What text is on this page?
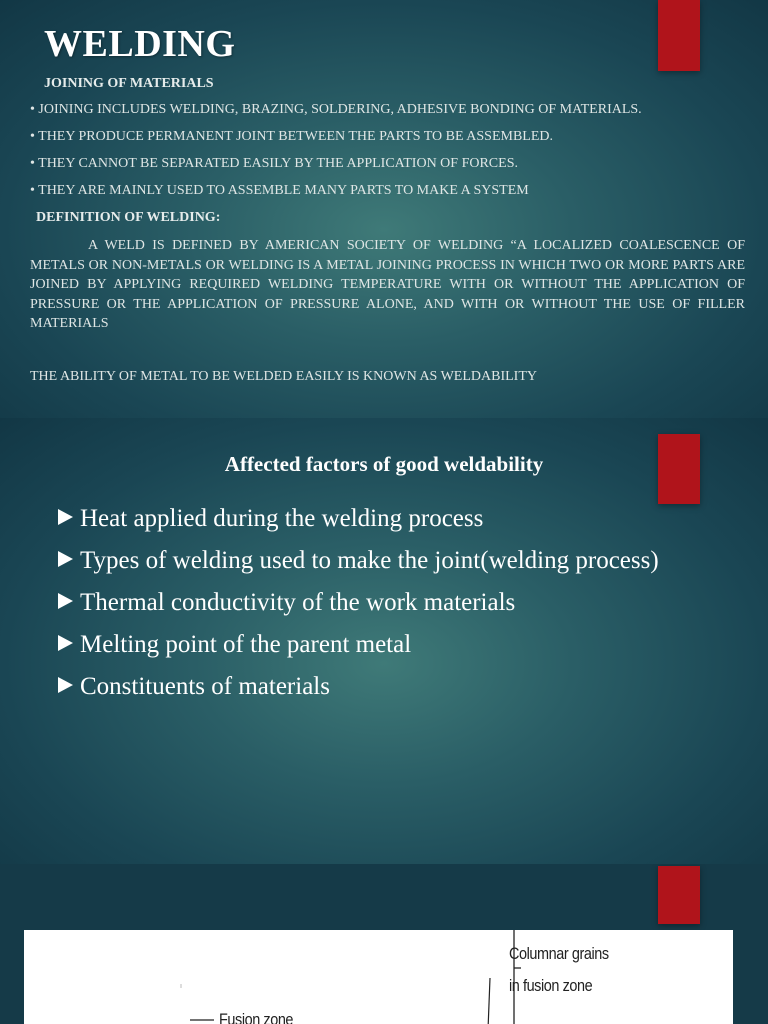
WELDING
JOINING OF MATERIALS
• JOINING INCLUDES WELDING, BRAZING, SOLDERING, ADHESIVE BONDING OF MATERIALS.
• THEY PRODUCE PERMANENT JOINT BETWEEN THE PARTS TO BE ASSEMBLED.
• THEY CANNOT BE SEPARATED EASILY BY THE APPLICATION OF FORCES.
• THEY ARE MAINLY USED TO ASSEMBLE MANY PARTS TO MAKE A SYSTEM
DEFINITION OF WELDING:

A WELD IS DEFINED BY AMERICAN SOCIETY OF WELDING “A LOCALIZED COALESCENCE OF METALS OR NON-METALS OR WELDING IS A METAL JOINING PROCESS IN WHICH TWO OR MORE PARTS ARE JOINED BY APPLYING REQUIRED WELDING TEMPERATURE WITH OR WITHOUT THE APPLICATION OF PRESSURE OR THE APPLICATION OF PRESSURE ALONE, AND WITH OR WITHOUT THE USE OF FILLER MATERIALS

THE ABILITY OF METAL TO BE WELDED EASILY IS KNOWN AS WELDABILITY
Affected factors of good weldability
Heat applied during the welding process
Types of welding used to make the joint(welding process)
Thermal conductivity of the work materials
Melting point of the parent metal
Constituents of materials
Columnar grains
in fusion zone
Fusion zone
